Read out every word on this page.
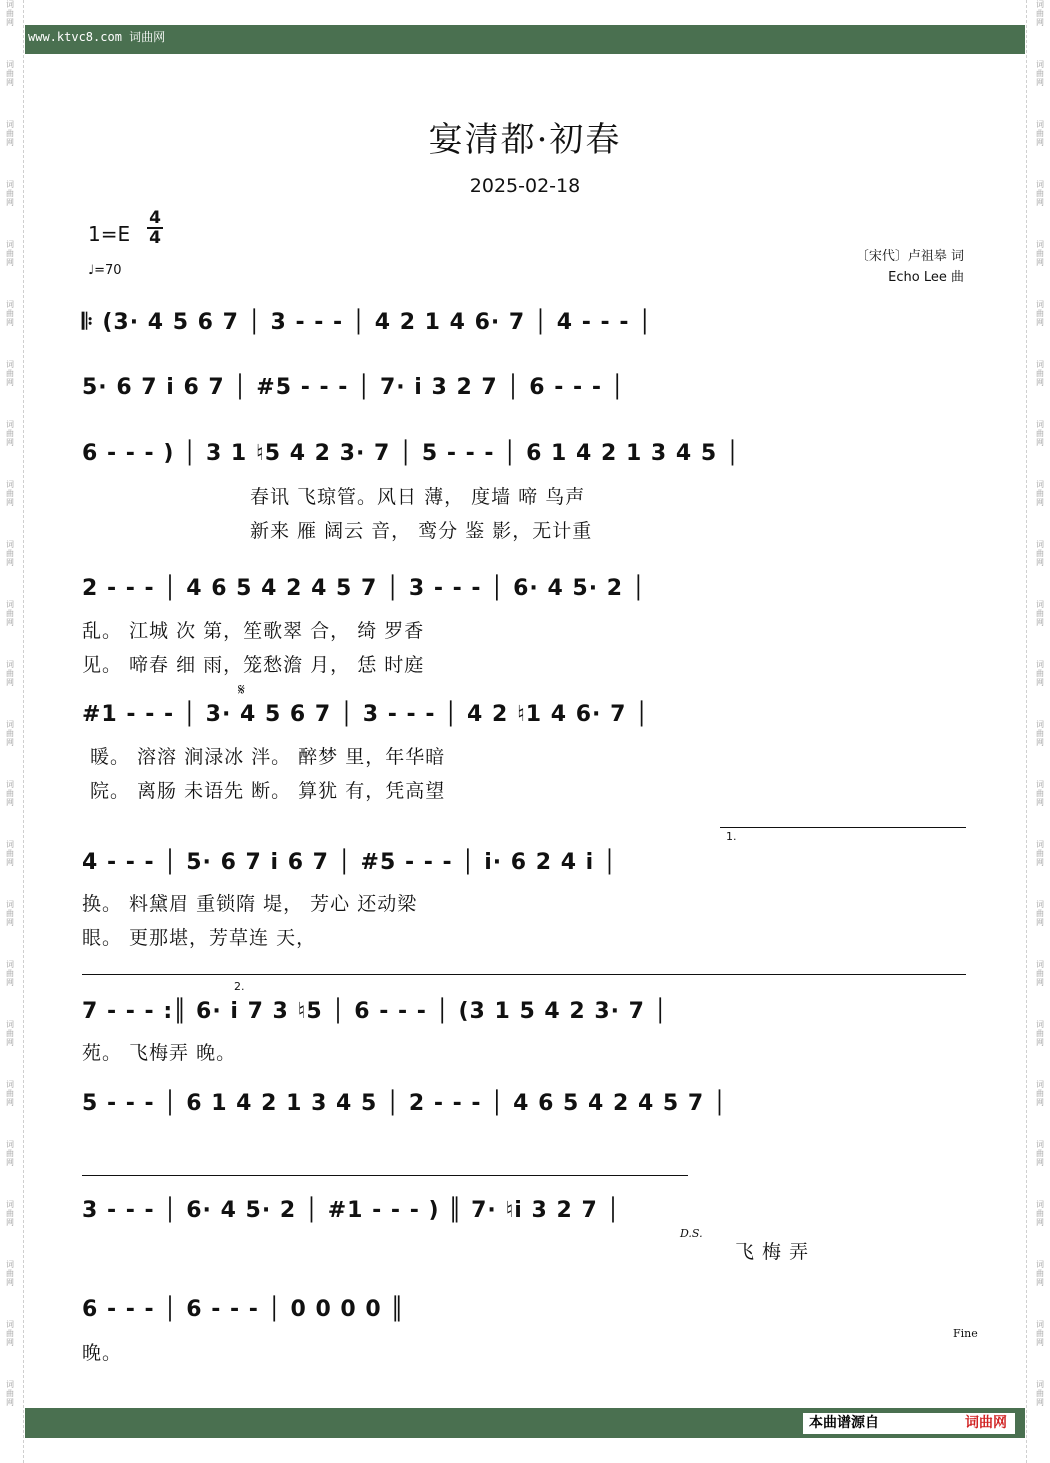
词曲网
词曲网
词曲网
词曲网
词曲网
词曲网
词曲网
词曲网
词曲网
词曲网
词曲网
词曲网
词曲网
词曲网
词曲网
词曲网
词曲网
词曲网
词曲网
词曲网
词曲网
词曲网
词曲网
词曲网
词曲网
词曲网
词曲网
词曲网
词曲网
词曲网
词曲网
词曲网
词曲网
词曲网
词曲网
词曲网
词曲网
词曲网
词曲网
词曲网
词曲网
词曲网
词曲网
词曲网
词曲网
词曲网
词曲网
词曲网
www.ktvc8.com 词曲网
宴清都·初春
2025-02-18
1=E
4
4
♩=70
〔宋代〕卢祖皋 词
Echo Lee 曲
𝄆 (3· 4 5 6 7 │ 3 - - - │ 4 2 1 4 6· 7 │ 4 - - - │
5· 6 7 i 6 7 │ #5 - - - │ 7· i 3 2 7 │ 6 - - - │
6 - - - ) │ 3 1 ♮5 4 2 3· 7 │ 5 - - - │ 6 1 4 2 1 3 4 5 │
春讯 飞琼管。风日 薄， 度墙 啼 鸟声
新来 雁 阔云 音， 鸾分 鉴 影，无计重
2 - - - │ 4 6 5 4 2 4 5 7 │ 3 - - - │ 6· 4 5· 2 │
乱。 江城 次 第，笙歌翠 合， 绮 罗香
见。 啼春 细 雨，笼愁澹 月， 恁 时庭
𝄋
#1 - - - │ 3· 4 5 6 7 │ 3 - - - │ 4 2 ♮1 4 6· 7 │
暖。 溶溶 涧渌冰 泮。 醉梦 里，年华暗
院。 离肠 未语先 断。 算犹 有，凭高望
1.
4 - - - │ 5· 6 7 i 6 7 │ #5 - - - │ i· 6 2 4 i │
换。 料黛眉 重锁隋 堤， 芳心 还动梁
眼。 更那堪，芳草连 天，
2.
7 - - - :║ 6· i 7 3 ♮5 │ 6 - - - │ (3 1 5 4 2 3· 7 │
苑。 飞梅弄 晚。
5 - - - │ 6 1 4 2 1 3 4 5 │ 2 - - - │ 4 6 5 4 2 4 5 7 │
3 - - - │ 6· 4 5· 2 │ #1 - - - ) ║ 7· ♮i 3 2 7 │
D.S.
飞 梅 弄
6 - - - │ 6 - - - │ 0 0 0 0 ║
Fine
晚。
本曲谱源自	词曲网
